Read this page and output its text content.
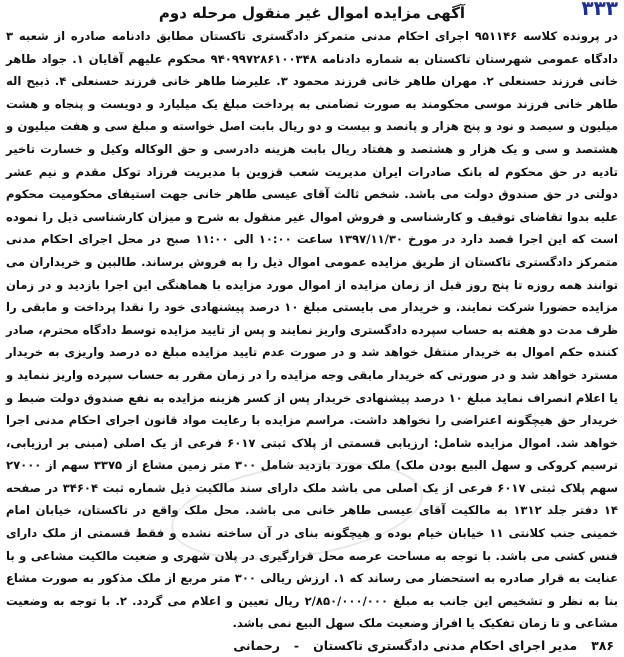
۳۳۳
آگهی مزایده اموال غیر منقول مرحله دوم

در پرونده کلاسه ۹۵۱۱۴۶ اجرای احکام مدنی متمرکز دادگستری تاکستان مطابق دادنامه صادره از شعبه ۳ دادگاه عمومی شهرستان تاکستان به شماره دادنامه ۹۴۰۹۹۷۲۸۶۱۰۰۳۴۸ محکوم علیهم آقایان ۱. جواد طاهر خانی فرزند حسنعلی ۲. مهران طاهر خانی فرزند محمود ۳. علیرضا طاهر خانی فرزند حسنعلی ۴. ذبیح اله طاهر خانی فرزند موسی محکومند به صورت تضامنی به پرداخت مبلغ یک میلیارد و دویست و پنجاه و هشت میلیون و سیصد و نود و پنج هزار و پانصد و بیست و دو ریال بابت اصل خواسته و مبلغ سی و هفت میلیون و هشتصد و سی و یک هزار و هشتصد و هفتاد ریال بابت هزینه دادرسی و حق الوکاله وکیل و خسارت تاخیر تادیه در حق محکوم له بانک صادرات ایران مدیریت شعب قزوین با مدیریت فرزاد توکل مقدم و نیم عشر دولتی در حق صندوق دولت می باشد. شخص ثالث آقای عیسی طاهر خانی جهت استیفای محکومیت محکوم علیه بدوا تقاضای توقیف و کارشناسی و فروش اموال غیر منقول به شرح و میزان کارشناسی ذیل را نموده است که این اجرا قصد دارد در مورخ ۱۳۹۷/۱۱/۳۰ ساعت ۱۰:۰۰ الی ۱۱:۰۰ صبح در محل اجرای احکام مدنی متمرکز دادگستری تاکستان از طریق مزایده عمومی اموال ذیل را به فروش برساند. طالبین و خریداران می توانند همه روزه تا پنج روز قبل از زمان مزایده از اموال مورد مزایده با هماهنگی این اجرا بازدید و در زمان مزایده حضورا شرکت نمایند. و خریدار می بایستی مبلغ ۱۰ درصد پیشنهادی خود را نقدا پرداخت و مابقی را ظرف مدت دو هفته به حساب سپرده دادگستری واریز نمایند و پس از تایید مزایده توسط دادگاه محترم، صادر کننده حکم اموال به خریدار منتقل خواهد شد و در صورت عدم تایید مزایده مبلغ ده درصد واریزی به خریدار مسترد خواهد شد و در صورتی که خریدار مابقی وجه مزایده را در زمان مقرر به حساب سپرده واریز ننماید و یا اعلام انصراف نماید مبلغ ۱۰ درصد پیشنهادی خریدار پس از کسر هزینه مزایده به نفع صندوق دولت ضبط و خریدار حق هیچگونه اعتراضی را نخواهد داشت. مراسم مزایده با رعایت مواد قانون اجرای احکام مدنی اجرا خواهد شد. اموال مزایده شامل: ارزیابی قسمتی از پلاک ثبتی ۶۰۱۷ فرعی از یک اصلی (مبنی بر ارزیابی، ترسیم کروکی و سهل البیع بودن ملک) ملک مورد بازدید شامل ۳۰۰ متر زمین مشاع از ۳۳۷۵ سهم از ۲۷۰۰۰ سهم پلاک ثبتی ۶۰۱۷ فرعی از یک اصلی می باشد ملک دارای سند مالکیت ذیل شماره ثبت ۳۴۶۰۴ در صفحه ۱۴ دفتر جلد ۱۳۱۲ به مالکیت آقای عیسی طاهر خانی می باشد. محل ملک واقع در تاکستان، خیابان امام خمینی جنب کلانتی ۱۱ خیابان خیام بوده و هیچگونه بنای در آن ساخته نشده و فقط قسمتی از ملک دارای فنس کشی می باشد. با توجه به مساحت عرصه محل قرارگیری در پلان شهری و ضعیت مالکیت مشاعی و با عنایت به قرار صادره به استحضار می رساند که ۱. ارزش ریالی ۳۰۰ متر مربع از ملک مذکور به صورت مشاع بنا به نظر و تشخیص این جانب به مبلغ ۲/۸۵۰/۰۰۰/۰۰۰ ریال تعیین و اعلام می گردد. ۲. با توجه به وضعیت مشاعی و تا زمان تفکیک یا افراز وضعیت ملک سهل البیع نمی باشد.

۳۸۶مدیر اجرای احکام مدنی دادگستری تاکستان-رحمانی
